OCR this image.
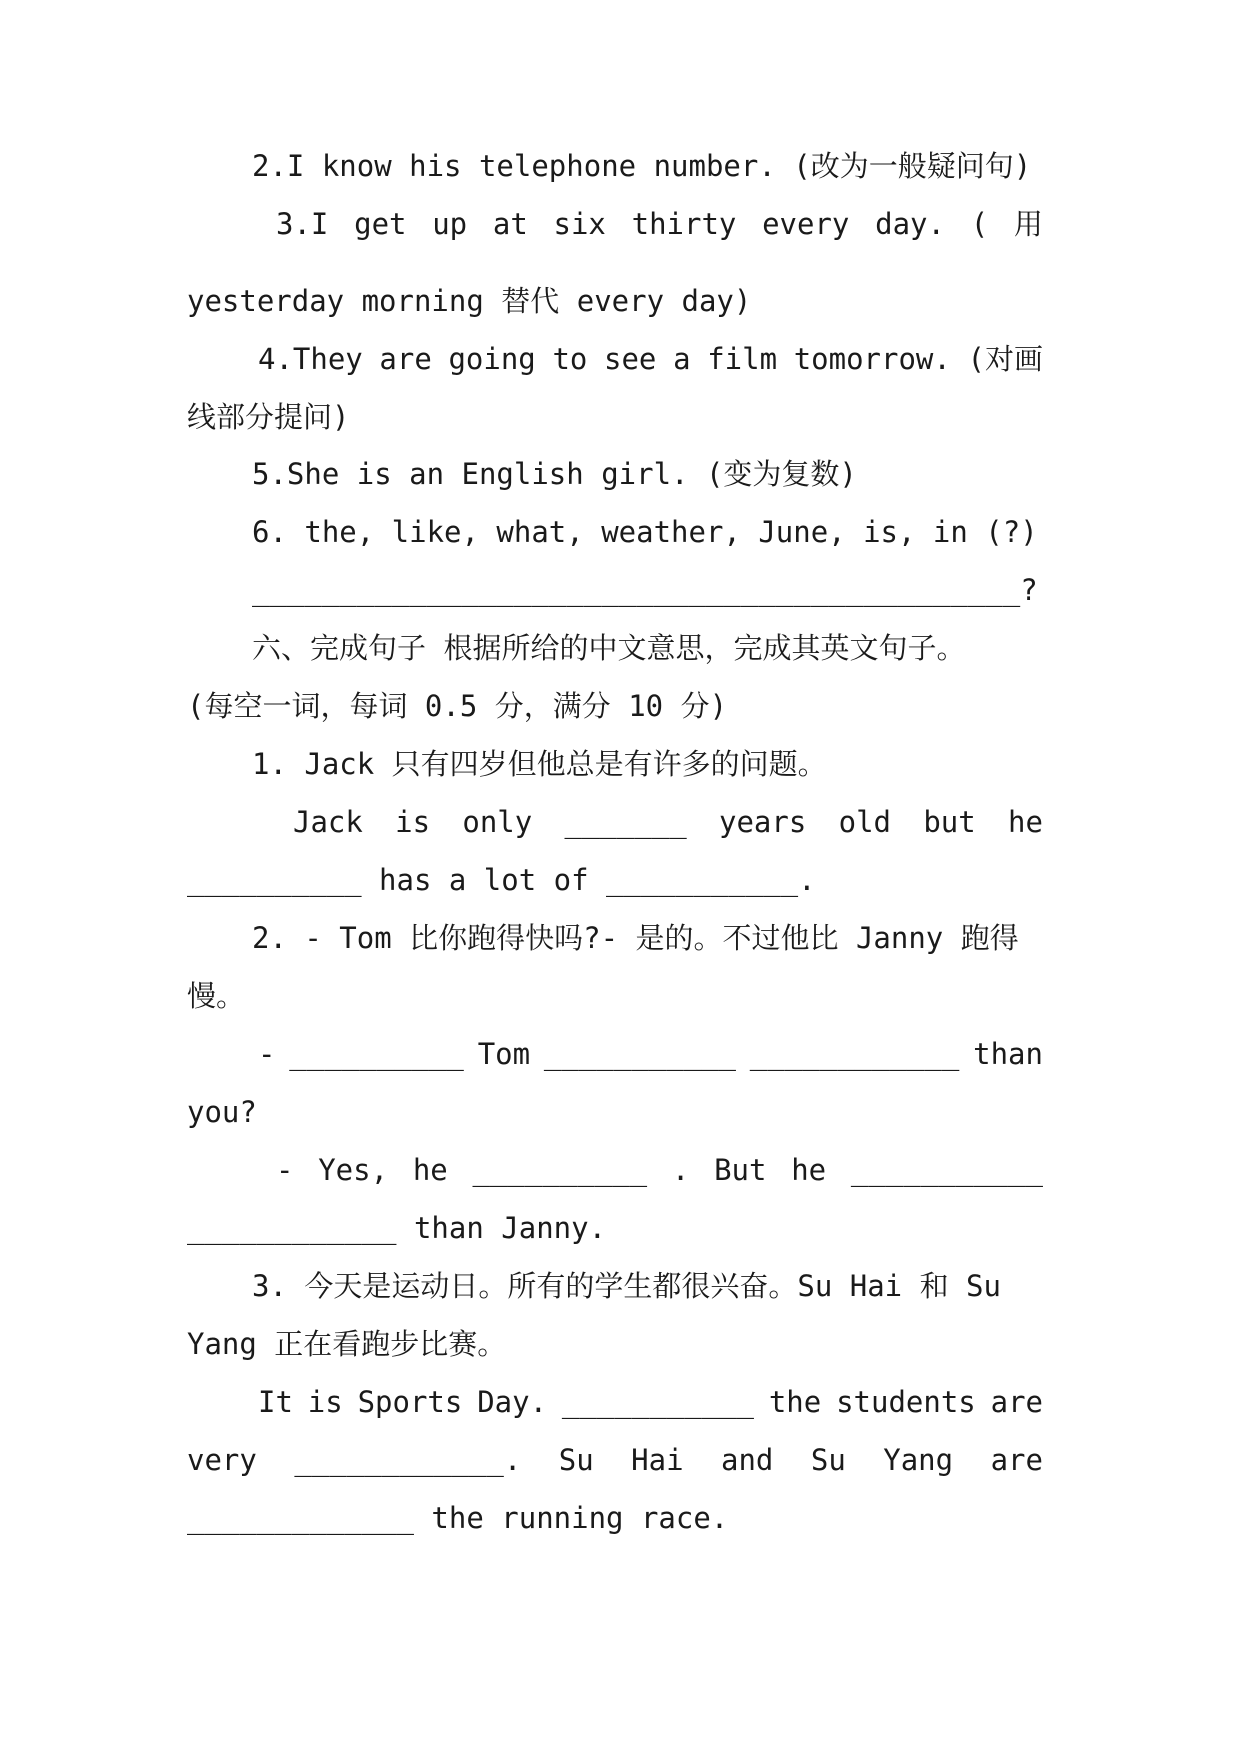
2.I know his telephone number. (改为一般疑问句)
3.I get up at six thirty every day. ( 用
yesterday morning 替代 every day)
4.They are going to see a film tomorrow. (对画
线部分提问)
5.She is an English girl. (变为复数)
6. the, like, what, weather, June, is, in (?)
____________________________________________?
六、完成句子 根据所给的中文意思，完成其英文句子。
(每空一词，每词 0.5 分，满分 10 分)
1. Jack 只有四岁但他总是有许多的问题。
Jack is only _______ years old but he
__________ has a lot of ___________.
2. - Tom 比你跑得快吗?- 是的。不过他比 Janny 跑得
慢。
- __________ Tom ___________ ____________ than
you?
- Yes, he __________ . But he ___________
____________ than Janny.
3. 今天是运动日。所有的学生都很兴奋。Su Hai 和 Su
Yang 正在看跑步比赛。
It is Sports Day. ___________ the students are
very ____________. Su Hai and Su Yang are
_____________ the running race.
